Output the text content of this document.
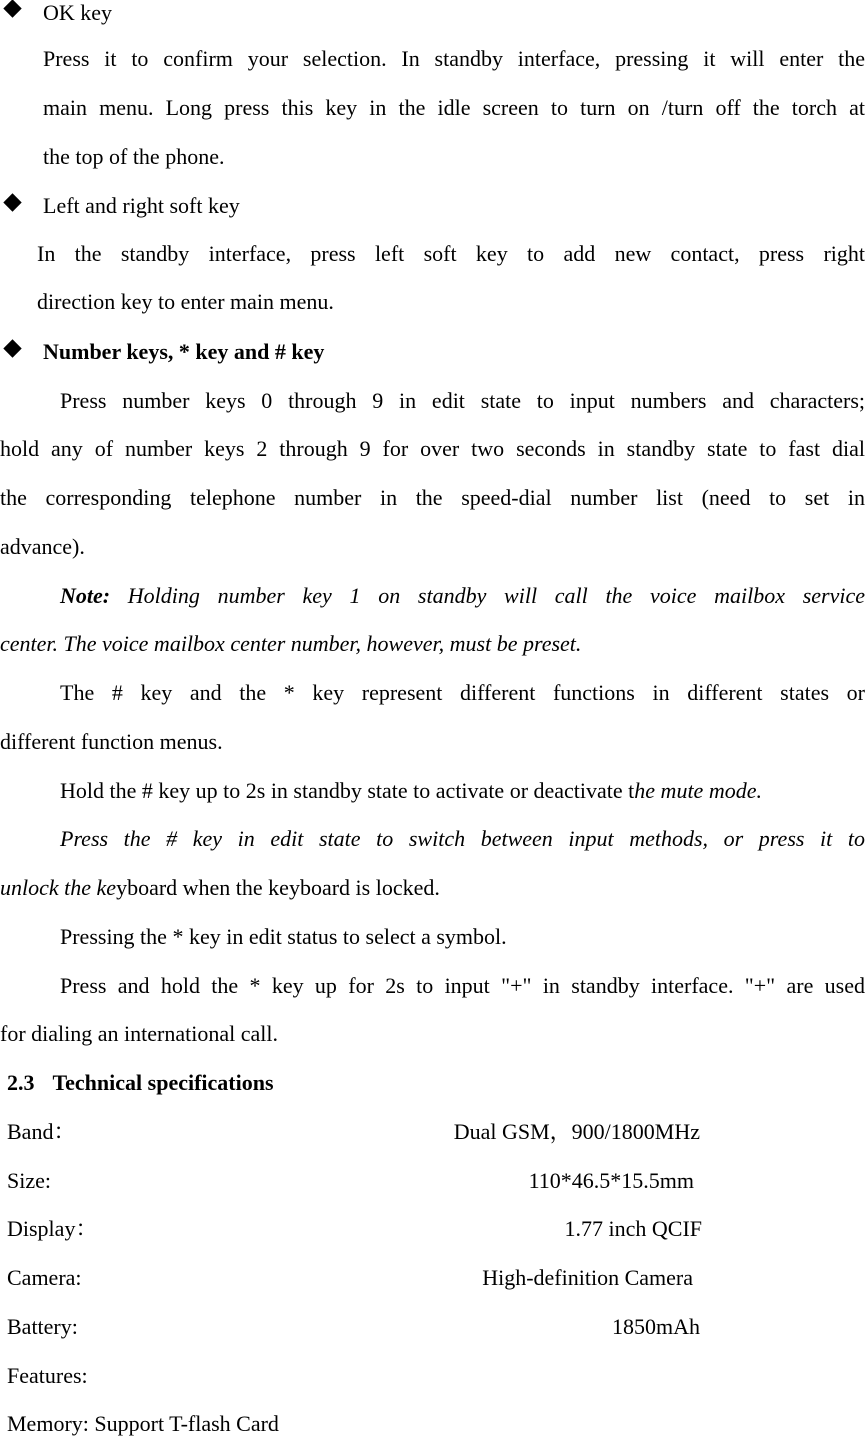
OK key
Press it to confirm your selection. In standby interface, pressing it will enter the
main menu. Long press this key in the idle screen to turn on /turn off the torch at
the top of the phone.
Left and right soft key
In the standby interface, press left soft key to add new contact, press right
direction key to enter main menu.
Number keys, * key and # key
Press number keys 0 through 9 in edit state to input numbers and characters;
hold any of number keys 2 through 9 for over two seconds in standby state to fast dial
the corresponding telephone number in the speed-dial number list (need to set in
advance).
Note: Holding number key 1 on standby will call the voice mailbox service
center. The voice mailbox center number, however, must be preset.
The # key and the * key represent different functions in different states or
different function menus.
Hold the # key up to 2s in standby state to activate or deactivate the mute mode.
Press the # key in edit state to switch between input methods, or press it to
unlock the keyboard when the keyboard is locked.
Pressing the * key in edit status to select a symbol.
Press and hold the * key up for 2s to input "+" in standby interface. "+" are used
for dialing an international call.
2.3 Technical specifications
Band：	Dual GSM，900/1800MHz
Size:	110*46.5*15.5mm
Display：	1.77 inch QCIF
Camera:	High-definition Camera
Battery:	1850mAh
Features:
Memory: Support T-flash Card
